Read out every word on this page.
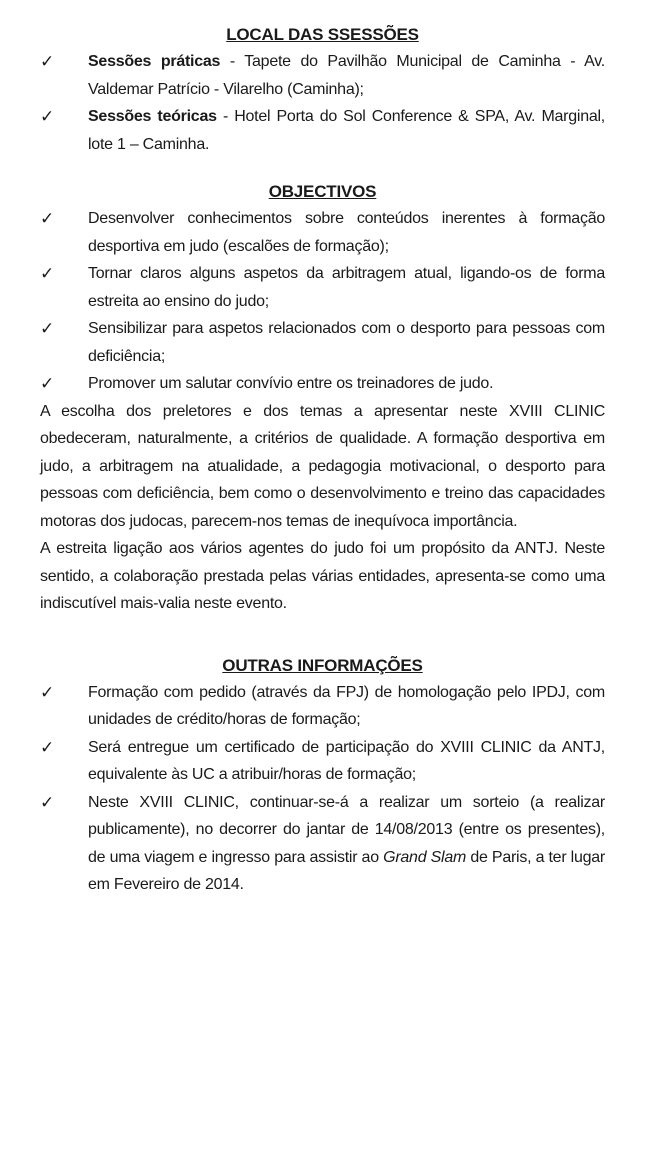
LOCAL DAS SSESSÕES
✓	Sessões práticas - Tapete do Pavilhão Municipal de Caminha - Av. Valdemar Patrício - Vilarelho (Caminha);
✓	Sessões teóricas - Hotel Porta do Sol Conference & SPA, Av. Marginal, lote 1 – Caminha.
OBJECTIVOS
✓	Desenvolver conhecimentos sobre conteúdos inerentes à formação desportiva em judo (escalões de formação);
✓	Tornar claros alguns aspetos da arbitragem atual, ligando-os de forma estreita ao ensino do judo;
✓	Sensibilizar para aspetos relacionados com o desporto para pessoas com deficiência;
✓	Promover um salutar convívio entre os treinadores de judo.

A escolha dos preletores e dos temas a apresentar neste XVIII CLINIC obedeceram, naturalmente, a critérios de qualidade. A formação desportiva em judo, a arbitragem na atualidade, a pedagogia motivacional, o desporto para pessoas com deficiência, bem como o desenvolvimento e treino das capacidades motoras dos judocas, parecem-nos temas de inequívoca importância.

A estreita ligação aos vários agentes do judo foi um propósito da ANTJ. Neste sentido, a colaboração prestada pelas várias entidades, apresenta-se como uma indiscutível mais-valia neste evento.

OUTRAS INFORMAÇÕES
✓	Formação com pedido (através da FPJ) de homologação pelo IPDJ, com unidades de crédito/horas de formação;
✓	Será entregue um certificado de participação do XVIII CLINIC da ANTJ, equivalente às UC a atribuir/horas de formação;
✓	Neste XVIII CLINIC, continuar-se-á a realizar um sorteio (a realizar publicamente), no decorrer do jantar de 14/08/2013 (entre os presentes), de uma viagem e ingresso para assistir ao Grand Slam de Paris, a ter lugar em Fevereiro de 2014.
